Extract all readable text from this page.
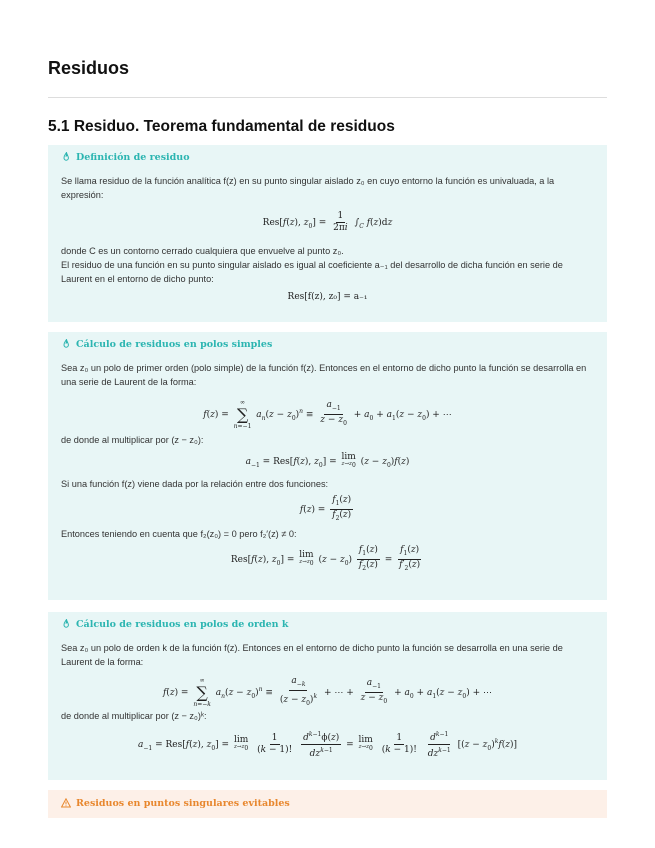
Residuos
5.1 Residuo. Teorema fundamental de residuos
Definición de residuo

Se llama residuo de la función analítica f(z) en su punto singular aislado z₀ en cuyo entorno la función es univaluada, a la expresión:

Res[f(z), $z_0] = \frac{1}{2\pi i} \int_C$ f(z)dz

donde C es un contorno cerrado cualquiera que envuelve al punto z₀.

El residuo de una función en su punto singular aislado es igual al coeficiente a₋₁ del desarrollo de dicha función en serie de Laurent en el entorno de dicho punto:

Res[f(z), z₀] = a₋₁
Cálculo de residuos en polos simples

Sea z₀ un polo de primer orden (polo simple) de la función f(z). Entonces en el entorno de dicho punto la función se desarrolla en una serie de Laurent de la forma:

f(z) =
∞
∑
n=−1
$a_n(z - z_0)^n \equiv \frac{a_{-1}}{z - z_0} + a_0 + a_1(z - z_0)$ + ⋯

de donde al multiplicar por (z − z₀):

$a_{-1} = Res[f(z)$, $z_0$] =
lim
$z\to z_0$ $(z - z_0)f(z)$

Si una función f(z) viene dada por la relación entre dos funciones:

$f(z) = \frac{f_1(z)}{f_2(z)}$

Entonces teniendo en cuenta que f₂(z₀) = 0 pero f₂′(z) ≠ 0:

Res[f(z), $z_0$] =
lim
$z\to z_0$ $(z - z_0) \frac{f_1(z)}{f_2(z)} = \frac{f_1(z)}{f'_2(z)}$
Cálculo de residuos en polos de orden k

Sea z₀ un polo de orden k de la función f(z). Entonces en el entorno de dicho punto la función se desarrolla en una serie de Laurent de la forma:

f(z) =
∞
∑
n=−k
$a_n(z - z_0)^n \equiv \frac{a_{-k}}{(z - z_0)^k}$ + ⋯ + $\frac{a_{-1}}{z - z_0} + a_0 + a_1(z - z_0)$ + ⋯

de donde al multiplicar por (z − z₀)ᵏ:

$a_{-1} = Res[f(z)$, $z_0$] =
lim
$z\to z_0$
$\frac{1}{(k - 1)!}$
$\frac{d^{k-1}\phi(z)}{dz^{k-1}}$ =
lim
$z\to z_0$
$\frac{1}{(k - 1)!}$
$\frac{d^{k-1}}{dz^{k-1}} [(z - z_0)^kf(z)]$
Residuos en puntos singulares evitables
